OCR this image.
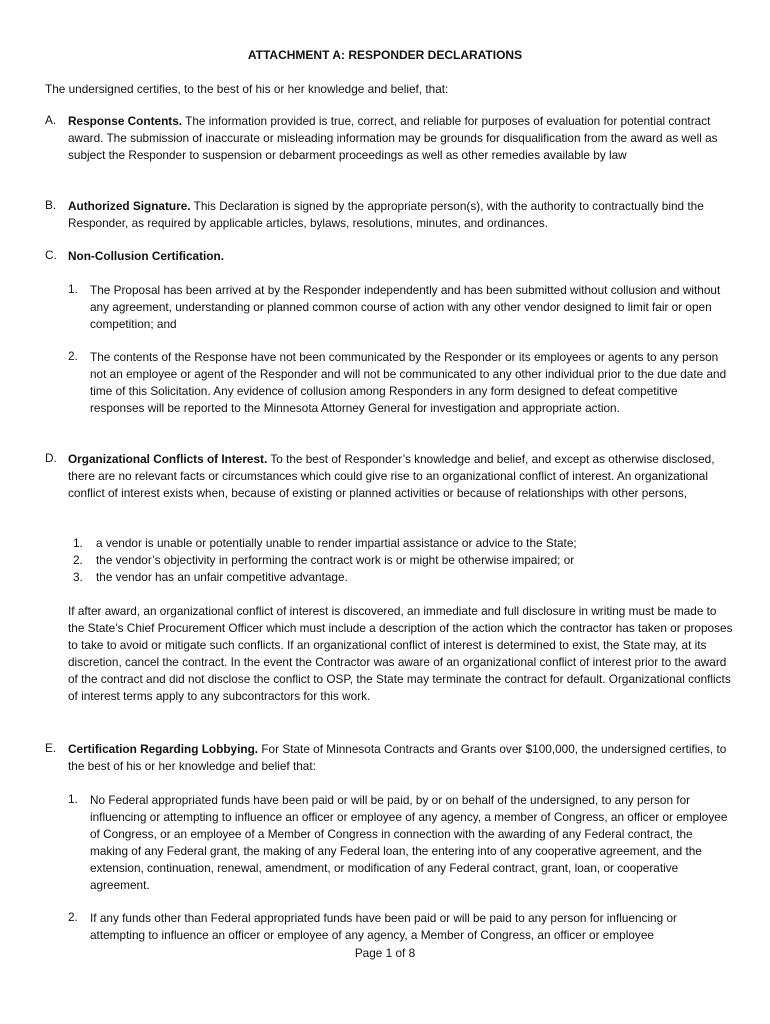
ATTACHMENT A: RESPONDER DECLARATIONS

The undersigned certifies, to the best of his or her knowledge and belief, that:

A. Response Contents. The information provided is true, correct, and reliable for purposes of evaluation for potential contract award. The submission of inaccurate or misleading information may be grounds for disqualification from the award as well as subject the Responder to suspension or debarment proceedings as well as other remedies available by law
B. Authorized Signature. This Declaration is signed by the appropriate person(s), with the authority to contractually bind the Responder, as required by applicable articles, bylaws, resolutions, minutes, and ordinances.
C. Non-Collusion Certification.
1. The Proposal has been arrived at by the Responder independently and has been submitted without collusion and without any agreement, understanding or planned common course of action with any other vendor designed to limit fair or open competition; and
2. The contents of the Response have not been communicated by the Responder or its employees or agents to any person not an employee or agent of the Responder and will not be communicated to any other individual prior to the due date and time of this Solicitation. Any evidence of collusion among Responders in any form designed to defeat competitive responses will be reported to the Minnesota Attorney General for investigation and appropriate action.
D. Organizational Conflicts of Interest. To the best of Responder’s knowledge and belief, and except as otherwise disclosed, there are no relevant facts or circumstances which could give rise to an organizational conflict of interest. An organizational conflict of interest exists when, because of existing or planned activities or because of relationships with other persons,
1. a vendor is unable or potentially unable to render impartial assistance or advice to the State;
2. the vendor’s objectivity in performing the contract work is or might be otherwise impaired; or
3. the vendor has an unfair competitive advantage.

If after award, an organizational conflict of interest is discovered, an immediate and full disclosure in writing must be made to the State’s Chief Procurement Officer which must include a description of the action which the contractor has taken or proposes to take to avoid or mitigate such conflicts. If an organizational conflict of interest is determined to exist, the State may, at its discretion, cancel the contract. In the event the Contractor was aware of an organizational conflict of interest prior to the award of the contract and did not disclose the conflict to OSP, the State may terminate the contract for default. Organizational conflicts of interest terms apply to any subcontractors for this work.

E. Certification Regarding Lobbying. For State of Minnesota Contracts and Grants over $100,000, the undersigned certifies, to the best of his or her knowledge and belief that:
1. No Federal appropriated funds have been paid or will be paid, by or on behalf of the undersigned, to any person for influencing or attempting to influence an officer or employee of any agency, a member of Congress, an officer or employee of Congress, or an employee of a Member of Congress in connection with the awarding of any Federal contract, the making of any Federal grant, the making of any Federal loan, the entering into of any cooperative agreement, and the extension, continuation, renewal, amendment, or modification of any Federal contract, grant, loan, or cooperative agreement.
2. If any funds other than Federal appropriated funds have been paid or will be paid to any person for influencing or attempting to influence an officer or employee of any agency, a Member of Congress, an officer or employee
Page 1 of 8
